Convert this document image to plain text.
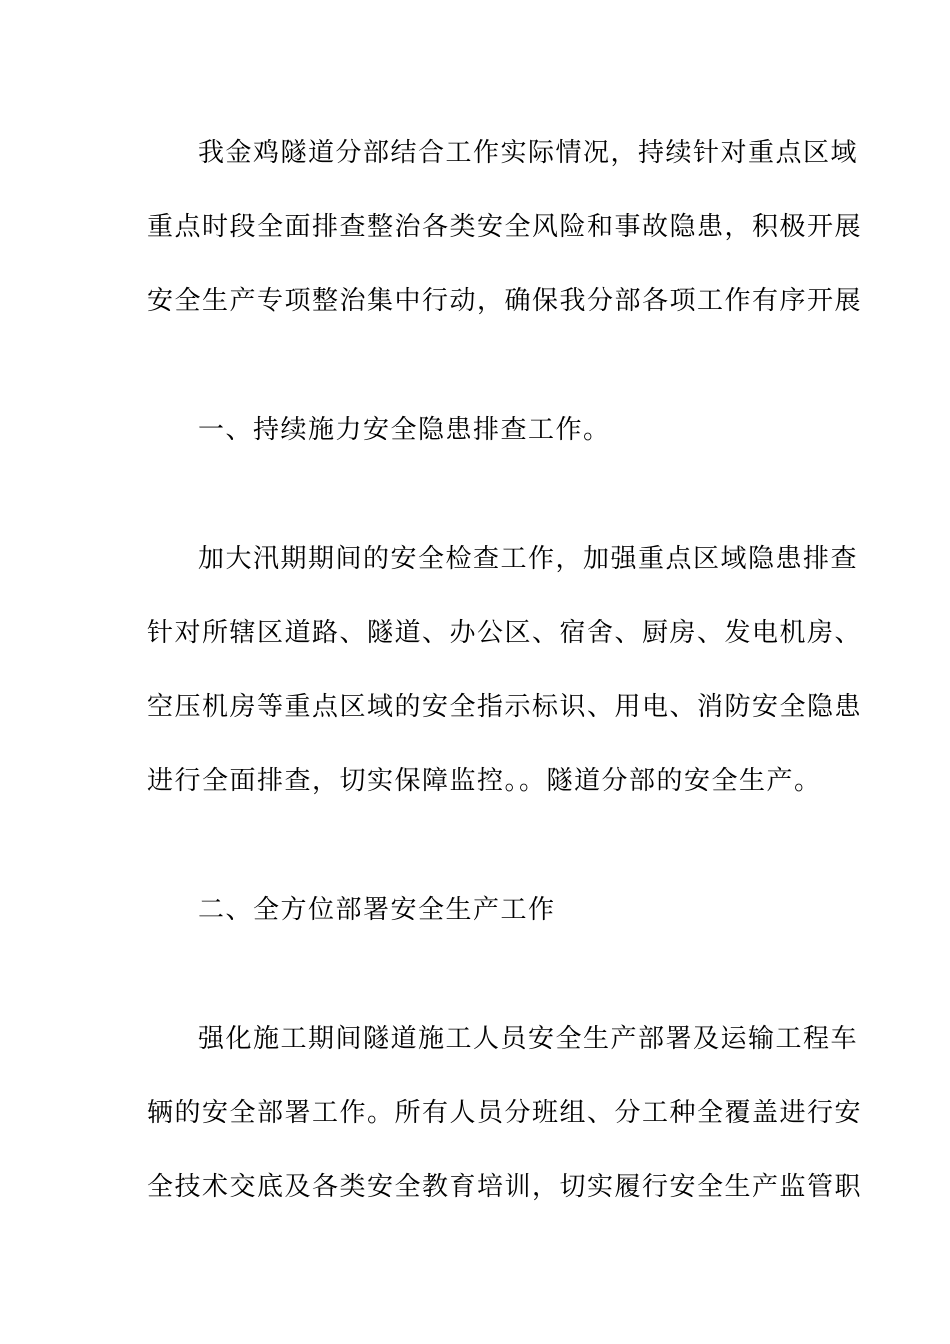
我金鸡隧道分部结合工作实际情况，持续针对重点区域
重点时段全面排查整治各类安全风险和事故隐患，积极开展
安全生产专项整治集中行动，确保我分部各项工作有序开展
一、持续施力安全隐患排查工作。
加大汛期期间的安全检查工作，加强重点区域隐患排查
针对所辖区道路、隧道、办公区、宿舍、厨房、发电机房、
空压机房等重点区域的安全指示标识、用电、消防安全隐患
进行全面排查，切实保障监控。。隧道分部的安全生产。
二、全方位部署安全生产工作
强化施工期间隧道施工人员安全生产部署及运输工程车
辆的安全部署工作。所有人员分班组、分工种全覆盖进行安
全技术交底及各类安全教育培训，切实履行安全生产监管职
